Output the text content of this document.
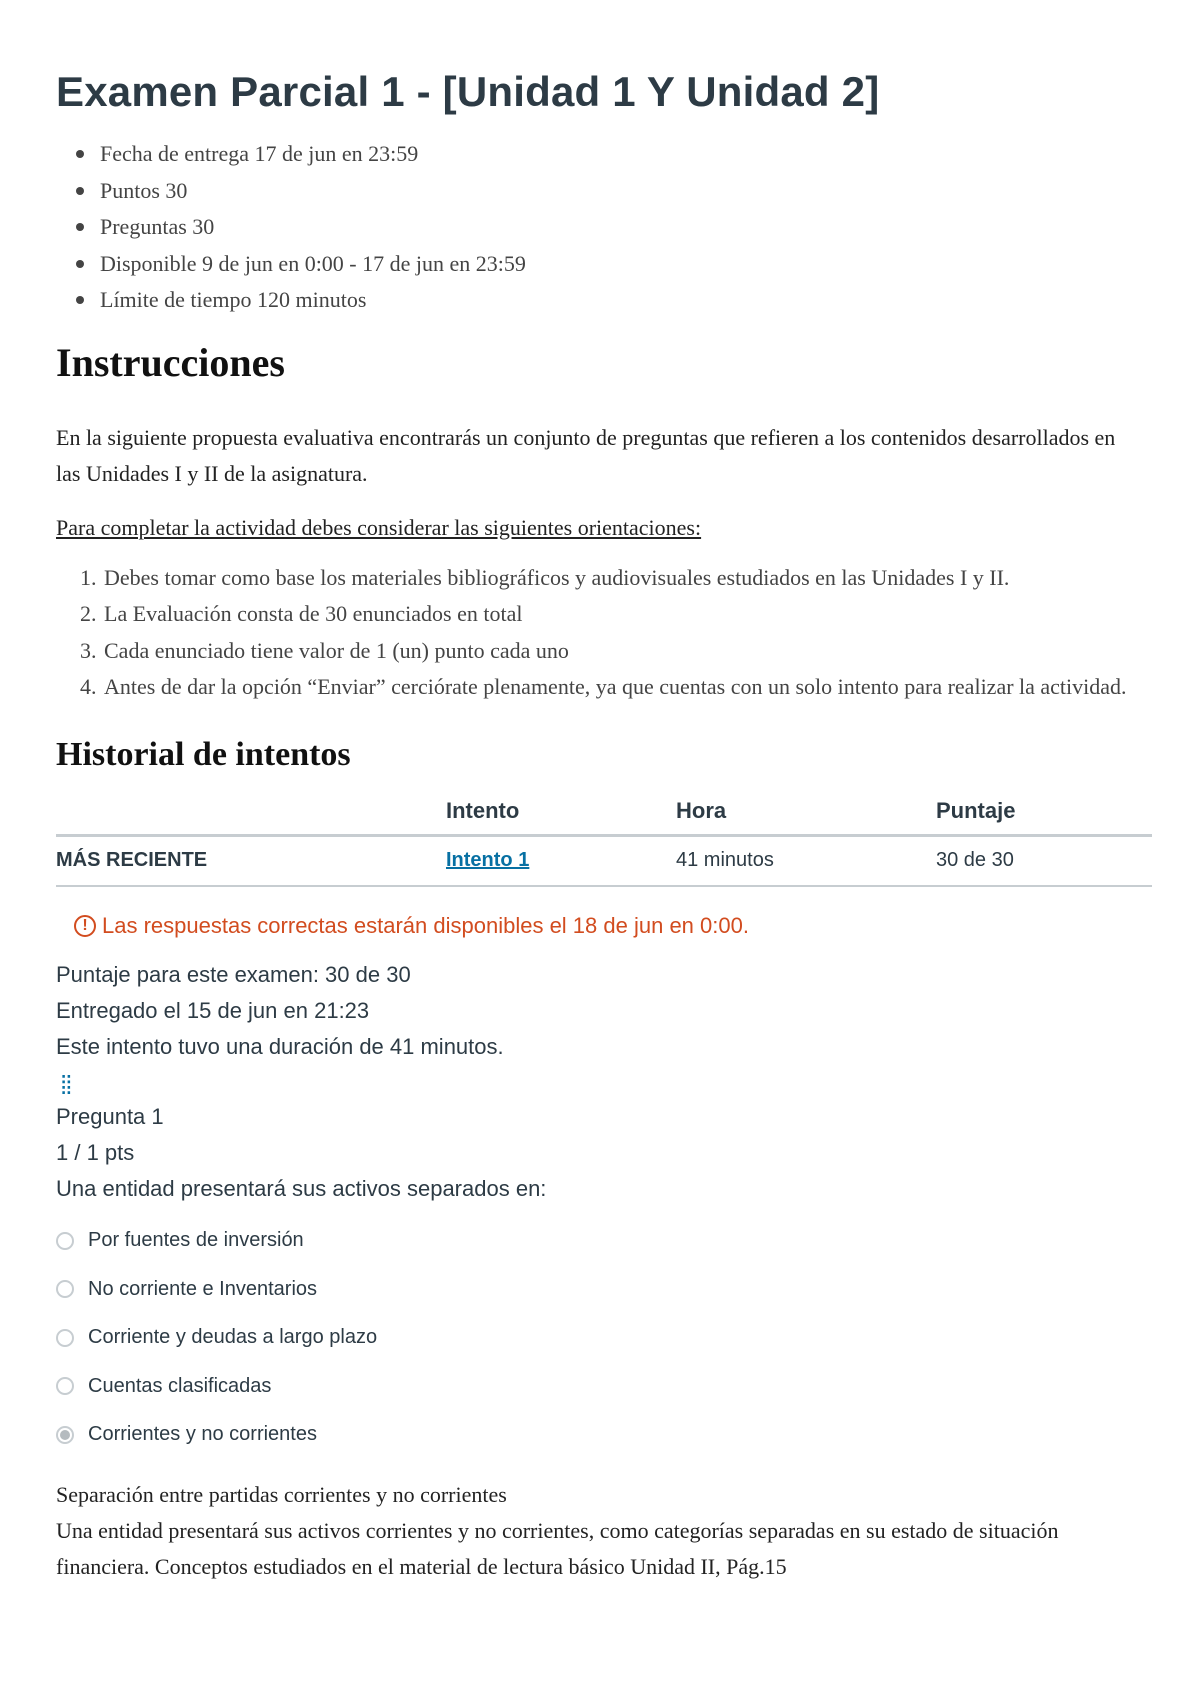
Examen Parcial 1 - [Unidad 1 Y Unidad 2]
Fecha de entrega 17 de jun en 23:59
Puntos 30
Preguntas 30
Disponible 9 de jun en 0:00 - 17 de jun en 23:59
Límite de tiempo 120 minutos
Instrucciones

En la siguiente propuesta evaluativa encontrarás un conjunto de preguntas que refieren a los contenidos desarrollados en las Unidades I y II de la asignatura.

Para completar la actividad debes considerar las siguientes orientaciones:

1. Debes tomar como base los materiales bibliográficos y audiovisuales estudiados en las Unidades I y II.
2. La Evaluación consta de 30 enunciados en total
3. Cada enunciado tiene valor de 1 (un) punto cada uno
4. Antes de dar la opción “Enviar” cerciórate plenamente, ya que cuentas con un solo intento para realizar la actividad.
Historial de intentos
	Intento	Hora	Puntaje
MÁS RECIENTE	Intento 1	41 minutos	30 de 30
! Las respuestas correctas estarán disponibles el 18 de jun en 0:00.
Puntaje para este examen: 30 de 30
Entregado el 15 de jun en 21:23
Este intento tuvo una duración de 41 minutos.
⁞⁞
Pregunta 1
1 / 1 pts
Una entidad presentará sus activos separados en:
Por fuentes de inversión
No corriente e Inventarios
Corriente y deudas a largo plazo
Cuentas clasificadas
Corrientes y no corrientes
Separación entre partidas corrientes y no corrientes
Una entidad presentará sus activos corrientes y no corrientes, como categorías separadas en su estado de situación financiera. Conceptos estudiados en el material de lectura básico Unidad II, Pág.15
